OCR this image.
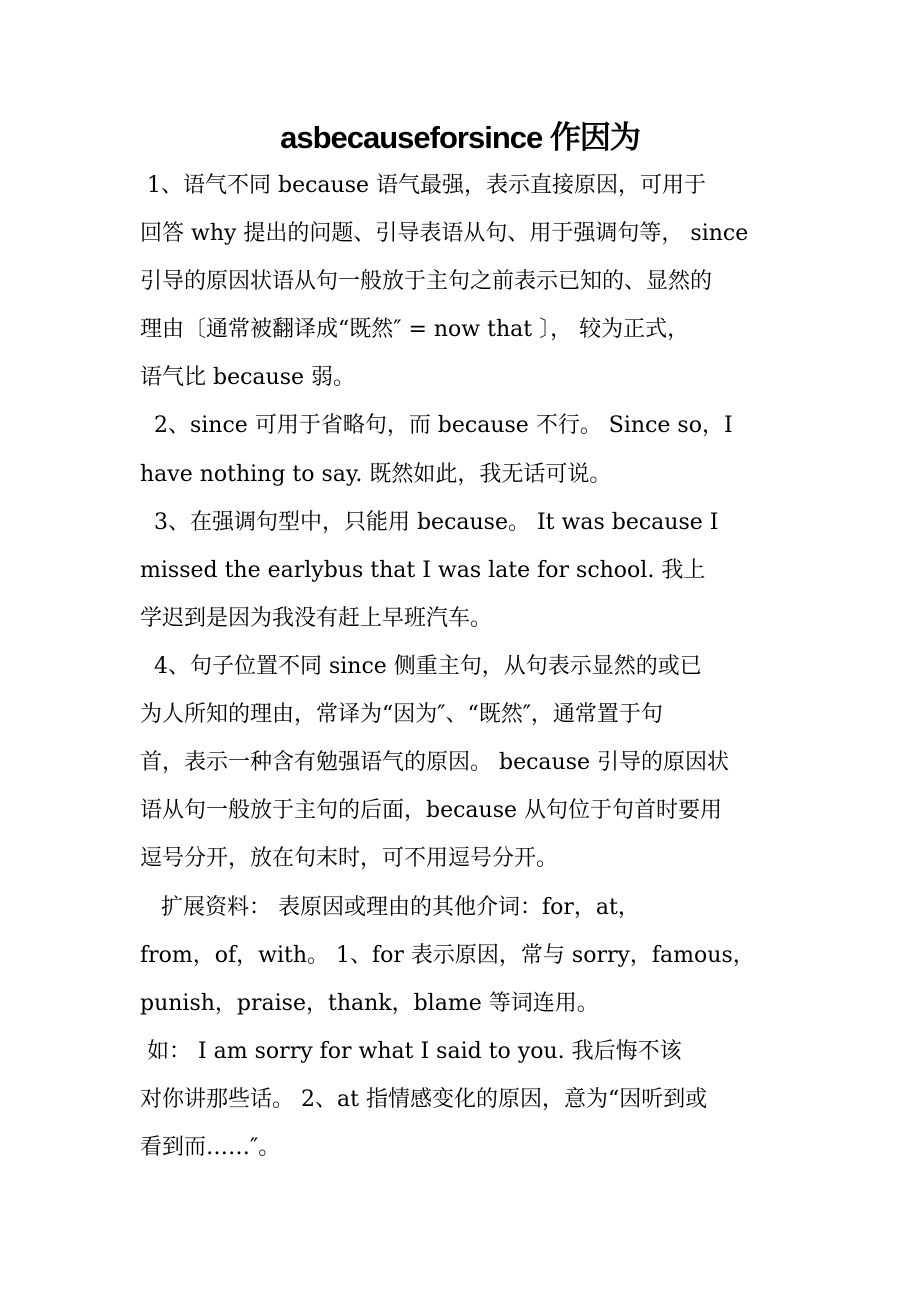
asbecauseforsince 作因为
1、语气不同 because 语气最强，表示直接原因，可用于
回答 why 提出的问题、引导表语从句、用于强调句等， since
引导的原因状语从句一般放于主句之前表示已知的、显然的
理由〔通常被翻译成“既然″ = now that 〕， 较为正式，
语气比 because 弱。
2、since 可用于省略句，而 because 不行。 Since so，I
have nothing to say. 既然如此，我无话可说。
3、在强调句型中，只能用 because。 It was because I
missed the earlybus that I was late for school. 我上
学迟到是因为我没有赶上早班汽车。
4、句子位置不同 since 侧重主句，从句表示显然的或已
为人所知的理由，常译为“因为″、“既然″，通常置于句
首，表示一种含有勉强语气的原因。 because 引导的原因状
语从句一般放于主句的后面，because 从句位于句首时要用
逗号分开，放在句末时，可不用逗号分开。
扩展资料： 表原因或理由的其他介词：for，at，
from，of，with。 1、for 表示原因，常与 sorry，famous，
punish，praise，thank，blame 等词连用。
如： I am sorry for what I said to you. 我后悔不该
对你讲那些话。 2、at 指情感变化的原因，意为“因听到或
看到而……″。
